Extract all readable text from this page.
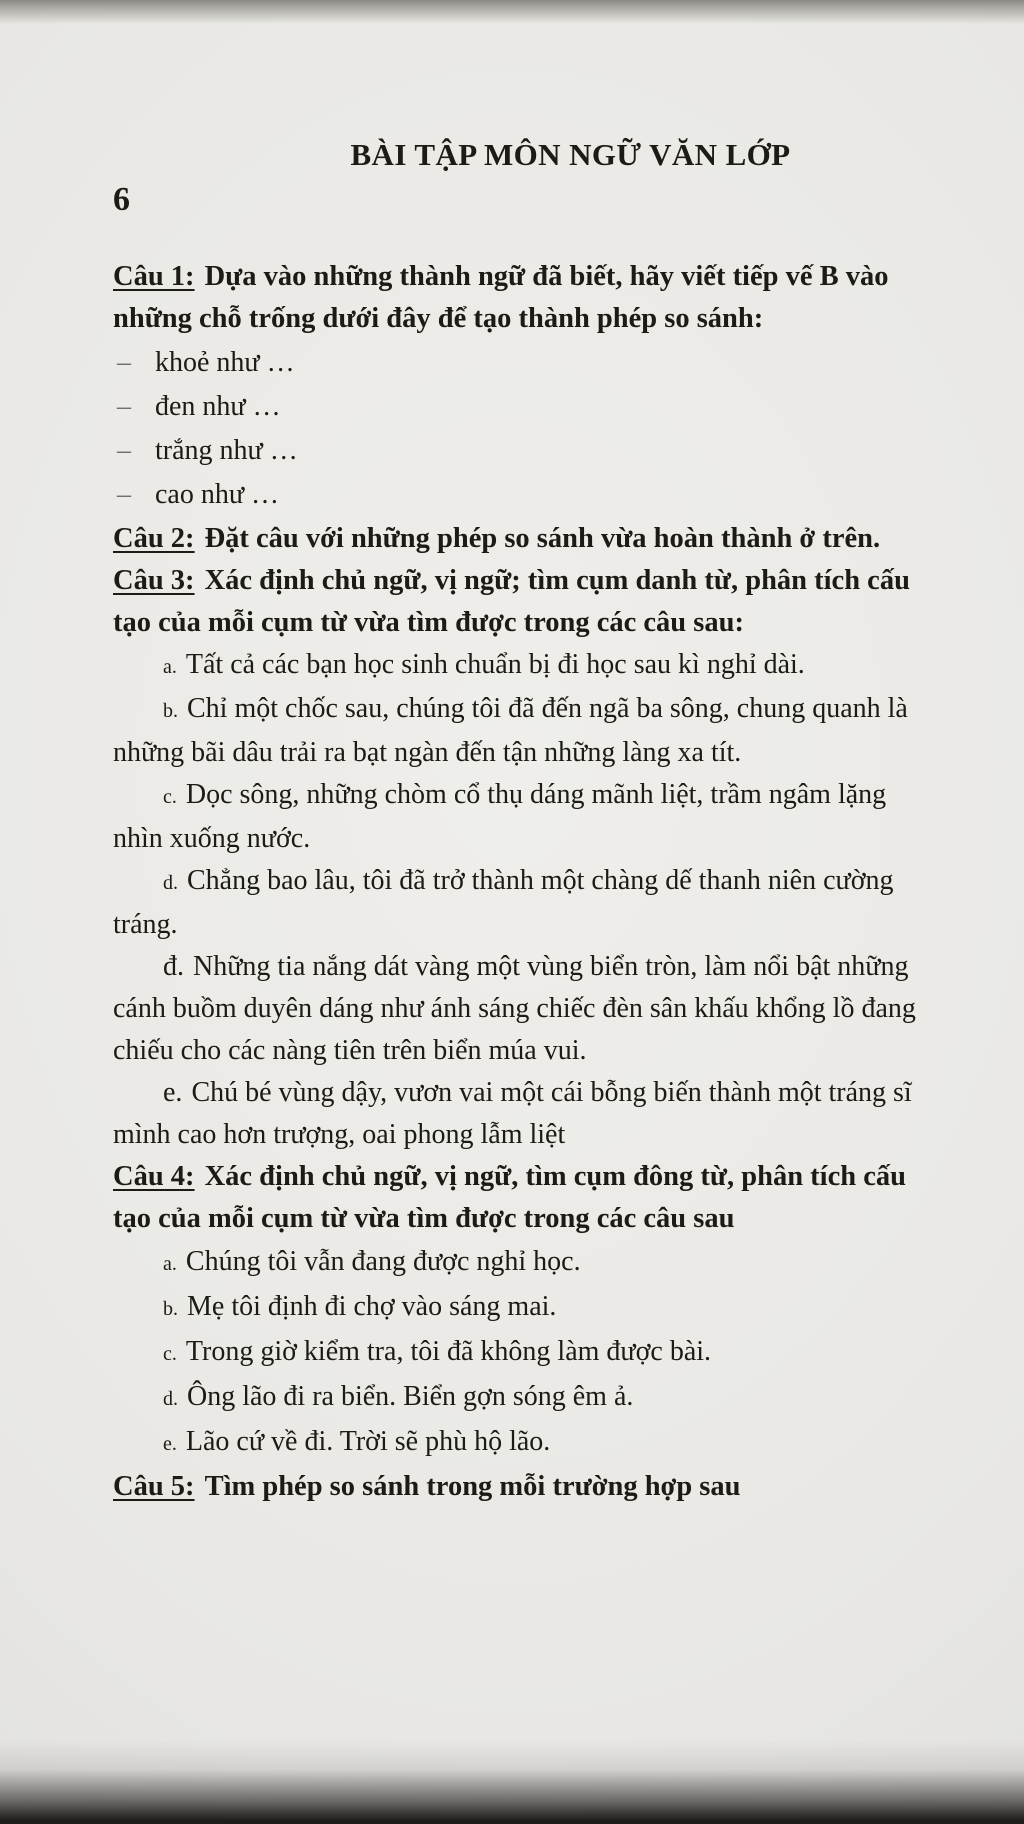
BÀI TẬP MÔN NGỮ VĂN LỚP
6

Câu 1: Dựa vào những thành ngữ đã biết, hãy viết tiếp vế B vào những chỗ trống dưới đây để tạo thành phép so sánh:

– khoẻ như …

– đen như …

– trắng như …

– cao như …

Câu 2: Đặt câu với những phép so sánh vừa hoàn thành ở trên.

Câu 3: Xác định chủ ngữ, vị ngữ; tìm cụm danh từ, phân tích cấu tạo của mỗi cụm từ vừa tìm được trong các câu sau:

a. Tất cả các bạn học sinh chuẩn bị đi học sau kì nghỉ dài.

b. Chỉ một chốc sau, chúng tôi đã đến ngã ba sông, chung quanh là những bãi dâu trải ra bạt ngàn đến tận những làng xa tít.

c. Dọc sông, những chòm cổ thụ dáng mãnh liệt, trầm ngâm lặng nhìn xuống nước.

d. Chẳng bao lâu, tôi đã trở thành một chàng dế thanh niên cường tráng.

đ. Những tia nắng dát vàng một vùng biển tròn, làm nổi bật những cánh buồm duyên dáng như ánh sáng chiếc đèn sân khấu khổng lồ đang chiếu cho các nàng tiên trên biển múa vui.

e. Chú bé vùng dậy, vươn vai một cái bỗng biến thành một tráng sĩ mình cao hơn trượng, oai phong lẫm liệt

Câu 4: Xác định chủ ngữ, vị ngữ, tìm cụm đông từ, phân tích cấu tạo của mỗi cụm từ vừa tìm được trong các câu sau

a. Chúng tôi vẫn đang được nghỉ học.

b. Mẹ tôi định đi chợ vào sáng mai.

c. Trong giờ kiểm tra, tôi đã không làm được bài.

d. Ông lão đi ra biển. Biển gợn sóng êm ả.

e. Lão cứ về đi. Trời sẽ phù hộ lão.

Câu 5: Tìm phép so sánh trong mỗi trường hợp sau
